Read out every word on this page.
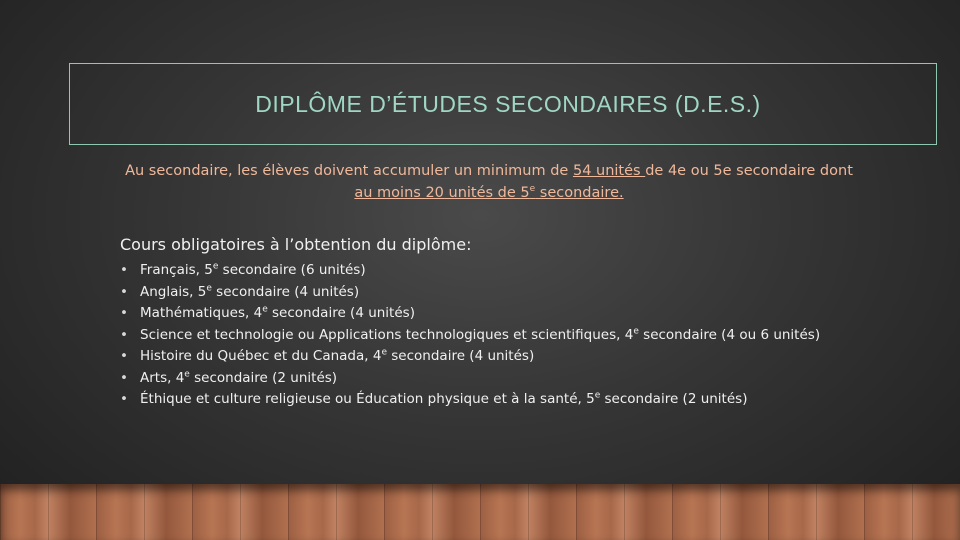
DIPLÔME D’ÉTUDES SECONDAIRES (D.E.S.)
Au secondaire, les élèves doivent accumuler un minimum de 54 unités de 4e ou 5e secondaire dont au moins 20 unités de 5e secondaire.
Cours obligatoires à l’obtention du diplôme:
• Français, 5e secondaire (6 unités)
• Anglais, 5e secondaire (4 unités)
• Mathématiques, 4e secondaire (4 unités)
• Science et technologie ou Applications technologiques et scientifiques, 4e secondaire (4 ou 6 unités)
• Histoire du Québec et du Canada, 4e secondaire (4 unités)
• Arts, 4e secondaire (2 unités)
• Éthique et culture religieuse ou Éducation physique et à la santé, 5e secondaire (2 unités)
